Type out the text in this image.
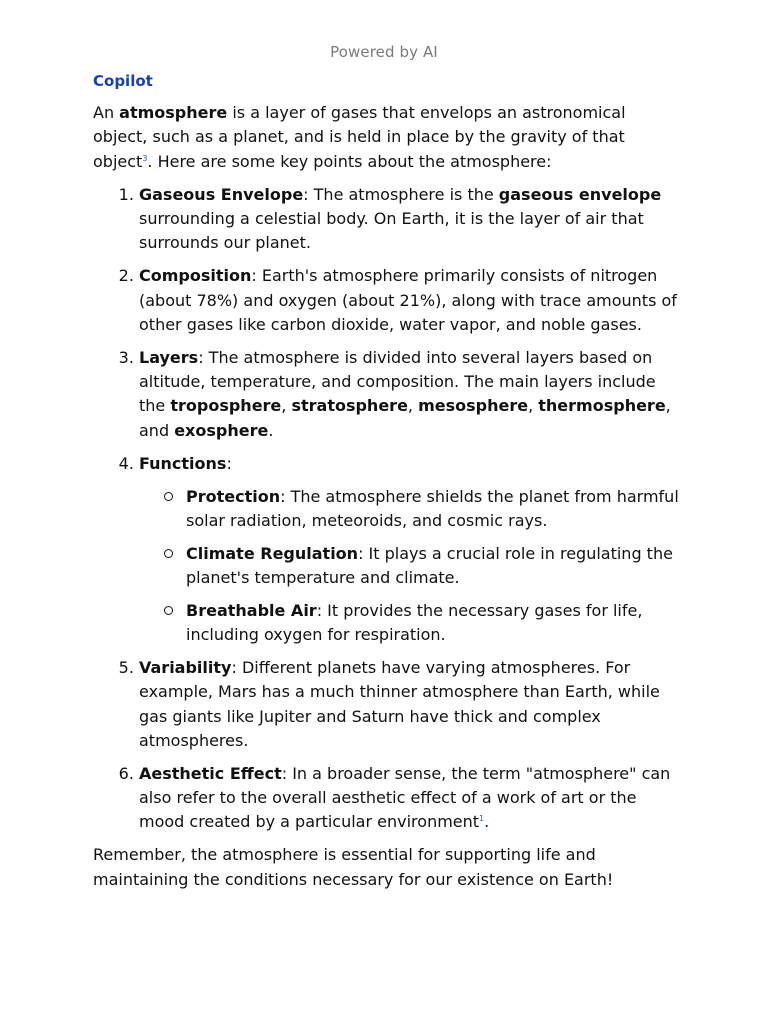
Powered by AI
Copilot

An atmosphere is a layer of gases that envelops an astronomical object, such as a planet, and is held in place by the gravity of that object$^3$. Here are some key points about the atmosphere:

1. Gaseous Envelope: The atmosphere is the gaseous envelope surrounding a celestial body. On Earth, it is the layer of air that surrounds our planet.
2. Composition: Earth's atmosphere primarily consists of nitrogen (about 78%) and oxygen (about 21%), along with trace amounts of other gases like carbon dioxide, water vapor, and noble gases.
3. Layers: The atmosphere is divided into several layers based on altitude, temperature, and composition. The main layers include the troposphere, stratosphere, mesosphere, thermosphere, and exosphere.
4. Functions:
Protection: The atmosphere shields the planet from harmful solar radiation, meteoroids, and cosmic rays.
Climate Regulation: It plays a crucial role in regulating the planet's temperature and climate.
Breathable Air: It provides the necessary gases for life, including oxygen for respiration.
5. Variability: Different planets have varying atmospheres. For example, Mars has a much thinner atmosphere than Earth, while gas giants like Jupiter and Saturn have thick and complex atmospheres.
6. Aesthetic Effect: In a broader sense, the term "atmosphere" can also refer to the overall aesthetic effect of a work of art or the mood created by a particular environment$^1$.

Remember, the atmosphere is essential for supporting life and maintaining the conditions necessary for our existence on Earth!
